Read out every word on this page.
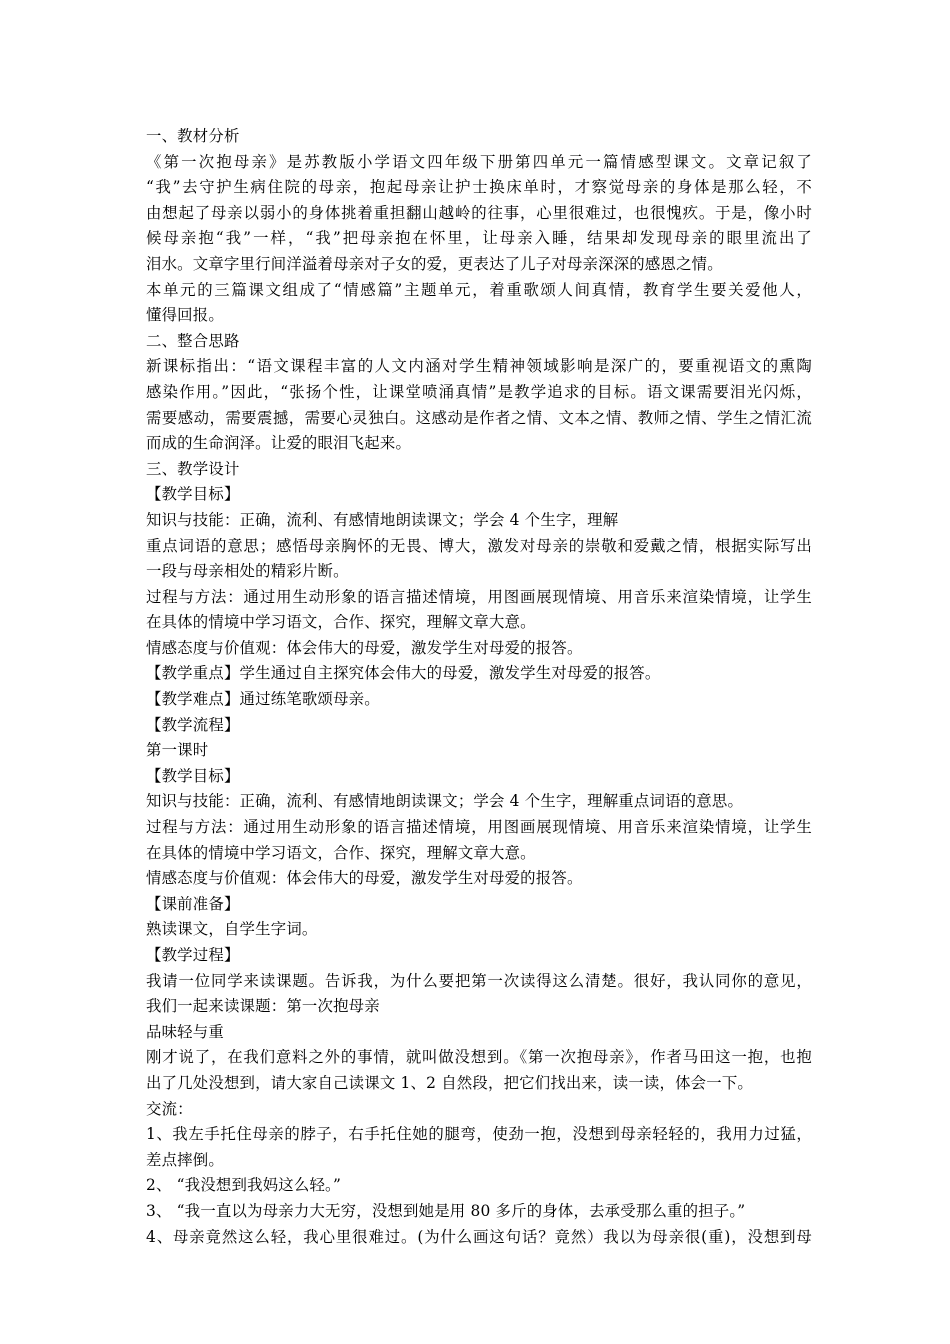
一、教材分析
《第一次抱母亲》是苏教版小学语文四年级下册第四单元一篇情感型课文。文章记叙了
“我”去守护生病住院的母亲，抱起母亲让护士换床单时，才察觉母亲的身体是那么轻，不
由想起了母亲以弱小的身体挑着重担翻山越岭的往事，心里很难过，也很愧疚。于是，像小时
候母亲抱“我”一样，“我”把母亲抱在怀里，让母亲入睡，结果却发现母亲的眼里流出了
泪水。文章字里行间洋溢着母亲对子女的爱，更表达了儿子对母亲深深的感恩之情。
本单元的三篇课文组成了“情感篇”主题单元，着重歌颂人间真情，教育学生要关爱他人，
懂得回报。
二、整合思路
新课标指出：“语文课程丰富的人文内涵对学生精神领域影响是深广的，要重视语文的熏陶
感染作用。”因此，“张扬个性，让课堂喷涌真情”是教学追求的目标。语文课需要泪光闪烁，
需要感动，需要震撼，需要心灵独白。这感动是作者之情、文本之情、教师之情、学生之情汇流
而成的生命润泽。让爱的眼泪飞起来。
三、教学设计
【教学目标】
知识与技能：正确，流利、有感情地朗读课文；学会 4 个生字，理解
重点词语的意思；感悟母亲胸怀的无畏、博大，激发对母亲的崇敬和爱戴之情，根据实际写出
一段与母亲相处的精彩片断。
过程与方法：通过用生动形象的语言描述情境，用图画展现情境、用音乐来渲染情境，让学生
在具体的情境中学习语文，合作、探究，理解文章大意。
情感态度与价值观：体会伟大的母爱，激发学生对母爱的报答。
【教学重点】学生通过自主探究体会伟大的母爱，激发学生对母爱的报答。
【教学难点】通过练笔歌颂母亲。
【教学流程】
第一课时
【教学目标】
知识与技能：正确，流利、有感情地朗读课文；学会 4 个生字，理解重点词语的意思。
过程与方法：通过用生动形象的语言描述情境，用图画展现情境、用音乐来渲染情境，让学生
在具体的情境中学习语文，合作、探究，理解文章大意。
情感态度与价值观：体会伟大的母爱，激发学生对母爱的报答。
【课前准备】
熟读课文，自学生字词。
【教学过程】
我请一位同学来读课题。告诉我，为什么要把第一次读得这么清楚。很好，我认同你的意见，
我们一起来读课题：第一次抱母亲
品味轻与重
刚才说了，在我们意料之外的事情，就叫做没想到。《第一次抱母亲》，作者马田这一抱，也抱
出了几处没想到，请大家自己读课文 1、2 自然段，把它们找出来，读一读，体会一下。
交流：
1、我左手托住母亲的脖子，右手托住她的腿弯，使劲一抱，没想到母亲轻轻的，我用力过猛，
差点摔倒。
2、 “我没想到我妈这么轻。”
3、 “我一直以为母亲力大无穷，没想到她是用 80 多斤的身体，去承受那么重的担子。”
4、母亲竟然这么轻，我心里很难过。(为什么画这句话？竟然）我以为母亲很(重)，没想到母
